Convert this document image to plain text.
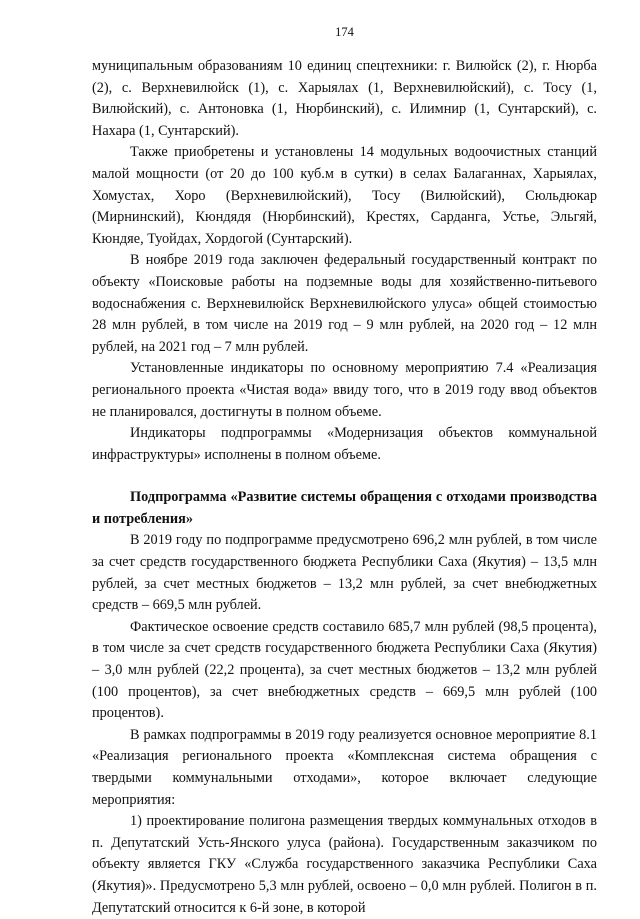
174

муниципальным образованиям 10 единиц спецтехники: г. Вилюйск (2), г. Нюрба (2), с. Верхневилюйск (1), с. Харыялах (1, Верхневилюйский), с. Тосу (1, Вилюйский), с. Антоновка (1, Нюрбинский), с. Илимнир (1, Сунтарский), с. Нахара (1, Сунтарский).

Также приобретены и установлены 14 модульных водоочистных станций малой мощности (от 20 до 100 куб.м в сутки) в селах Балаганнах, Харыялах, Хомустах, Хоро (Верхневилюйский), Тосу (Вилюйский), Сюльдюкар (Мирнинский), Кюндядя (Нюрбинский), Крестях, Сарданга, Устье, Эльгяй, Кюндяе, Туойдах, Хордогой (Сунтарский).

В ноябре 2019 года заключен федеральный государственный контракт по объекту «Поисковые работы на подземные воды для хозяйственно-питьевого водоснабжения с. Верхневилюйск Верхневилюйского улуса» общей стоимостью 28 млн рублей, в том числе на 2019 год – 9 млн рублей, на 2020 год – 12 млн рублей, на 2021 год – 7 млн рублей.

Установленные индикаторы по основному мероприятию 7.4 «Реализация регионального проекта «Чистая вода» ввиду того, что в 2019 году ввод объектов не планировался, достигнуты в полном объеме.

Индикаторы подпрограммы «Модернизация объектов коммунальной инфраструктуры» исполнены в полном объеме.

Подпрограмма «Развитие системы обращения с отходами производства и потребления»

В 2019 году по подпрограмме предусмотрено 696,2 млн рублей, в том числе за счет средств государственного бюджета Республики Саха (Якутия) – 13,5 млн рублей, за счет местных бюджетов – 13,2 млн рублей, за счет внебюджетных средств – 669,5 млн рублей.

Фактическое освоение средств составило 685,7 млн рублей (98,5 процента), в том числе за счет средств государственного бюджета Республики Саха (Якутия) – 3,0 млн рублей (22,2 процента), за счет местных бюджетов – 13,2 млн рублей (100 процентов), за счет внебюджетных средств – 669,5 млн рублей (100 процентов).

В рамках подпрограммы в 2019 году реализуется основное мероприятие 8.1 «Реализация регионального проекта «Комплексная система обращения с твердыми коммунальными отходами», которое включает следующие мероприятия:

1) проектирование полигона размещения твердых коммунальных отходов в п. Депутатский Усть-Янского улуса (района). Государственным заказчиком по объекту является ГКУ «Служба государственного заказчика Республики Саха (Якутия)». Предусмотрено 5,3 млн рублей, освоено – 0,0 млн рублей. Полигон в п. Депутатский относится к 6-й зоне, в которой
